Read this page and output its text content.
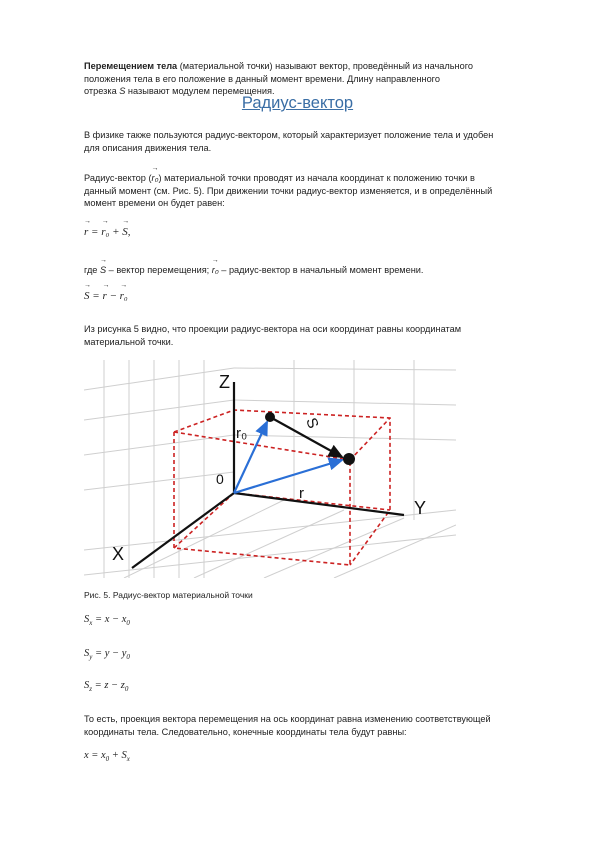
Перемещением тела (материальной точки) называют вектор, проведённый из начального
положения тела в его положение в данный момент времени. Длину направленного
отрезка S называют модулем перемещения.
Радиус-вектор
В физике также пользуются радиус-вектором, который характеризует положение тела и удобен
для описания движения тела.
Радиус-вектор (→ r₀) материальной точки проводят из начала координат к положению точки в
данный момент (см. Рис. 5). При движении точки радиус-вектор изменяется, и в определённый
момент времени он будет равен:
→ r = → r₀ + → S,
где → S – вектор перемещения; → r₀ – радиус-вектор в начальный момент времени.
→ S = → r − → r₀
Из рисунка 5 видно, что проекции радиус-вектора на оси координат равны координатам
материальной точки.
Z
Y
X
0
r₀
r
S
Рис. 5. Радиус-вектор материальной точки
$S_x = x - x_0$
$S_y = y - y_0$
$S_z = z - z_0$
То есть, проекция вектора перемещения на ось координат равна изменению соответствующей
координаты тела. Следовательно, конечные координаты тела будут равны:
$x = x_0 + S_x$
